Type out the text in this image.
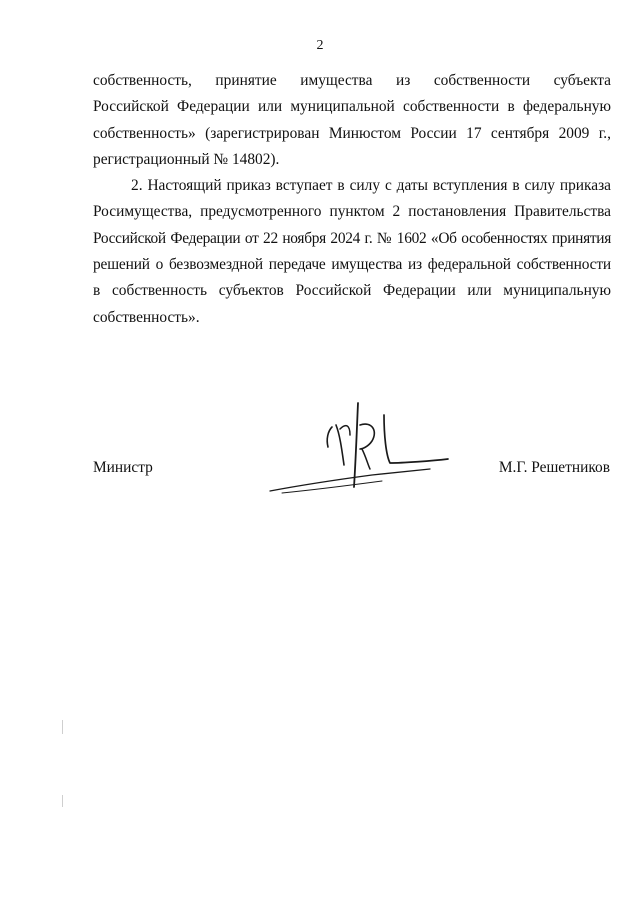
2

собственность, принятие имущества из собственности субъекта
Российской Федерации или муниципальной собственности в федеральную
собственность» (зарегистрирован Минюстом России 17 сентября 2009 г.,
регистрационный № 14802).

2. Настоящий приказ вступает в силу с даты вступления в силу приказа
Росимущества, предусмотренного пунктом 2 постановления Правительства
Российской Федерации от 22 ноября 2024 г. № 1602 «Об особенностях принятия
решений о безвозмездной передаче имущества из федеральной собственности
в собственность субъектов Российской Федерации или муниципальную
собственность».

Министр	М.Г. Решетников
